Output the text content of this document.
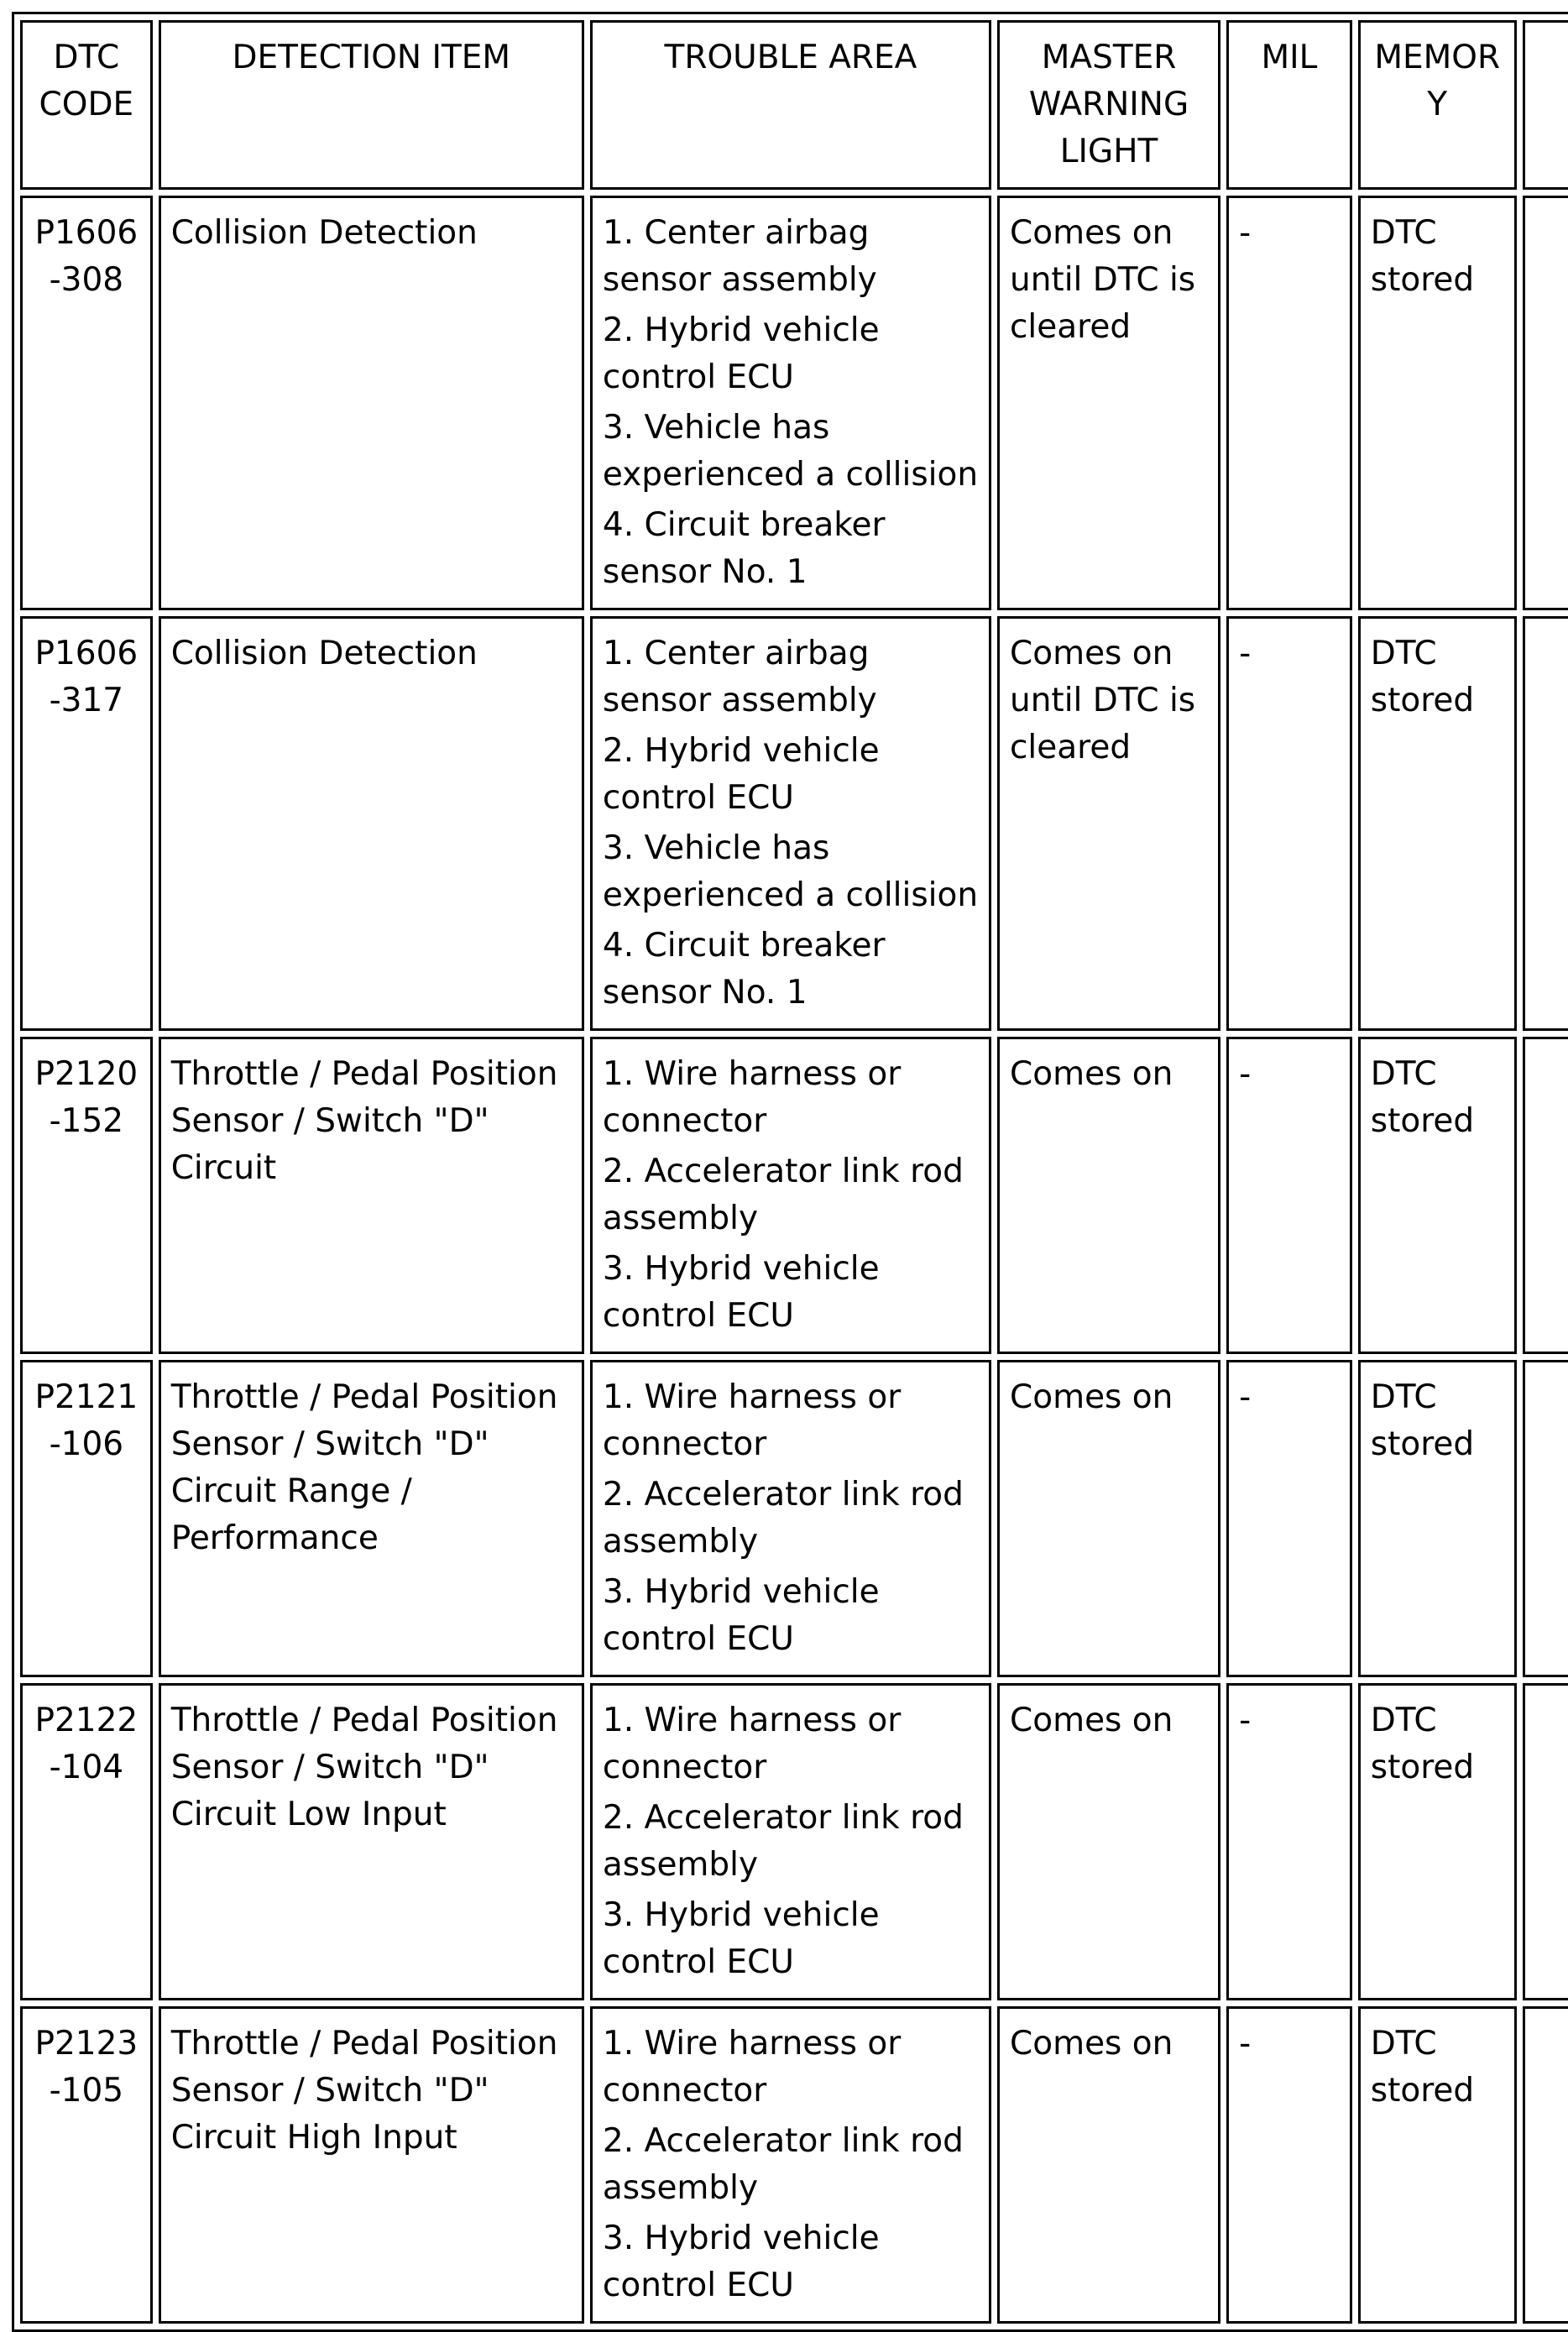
DTC CODE	DETECTION ITEM	TROUBLE AREA	MASTER WARNING LIGHT	MIL	MEMORY	
P1606-308	Collision Detection	1. Center airbag sensor assembly
2. Hybrid vehicle control ECU
3. Vehicle has experienced a collision
4. Circuit breaker sensor No. 1	Comes on until DTC is cleared	-	DTC stored	
P1606-317	Collision Detection	1. Center airbag sensor assembly
2. Hybrid vehicle control ECU
3. Vehicle has experienced a collision
4. Circuit breaker sensor No. 1	Comes on until DTC is cleared	-	DTC stored	
P2120-152	Throttle / Pedal Position Sensor / Switch "D" Circuit	1. Wire harness or connector
2. Accelerator link rod assembly
3. Hybrid vehicle control ECU	Comes on	-	DTC stored	
P2121-106	Throttle / Pedal Position Sensor / Switch "D" Circuit Range / Performance	1. Wire harness or connector
2. Accelerator link rod assembly
3. Hybrid vehicle control ECU	Comes on	-	DTC stored	
P2122-104	Throttle / Pedal Position Sensor / Switch "D" Circuit Low Input	1. Wire harness or connector
2. Accelerator link rod assembly
3. Hybrid vehicle control ECU	Comes on	-	DTC stored	
P2123-105	Throttle / Pedal Position Sensor / Switch "D" Circuit High Input	1. Wire harness or connector
2. Accelerator link rod assembly
3. Hybrid vehicle control ECU	Comes on	-	DTC stored	
